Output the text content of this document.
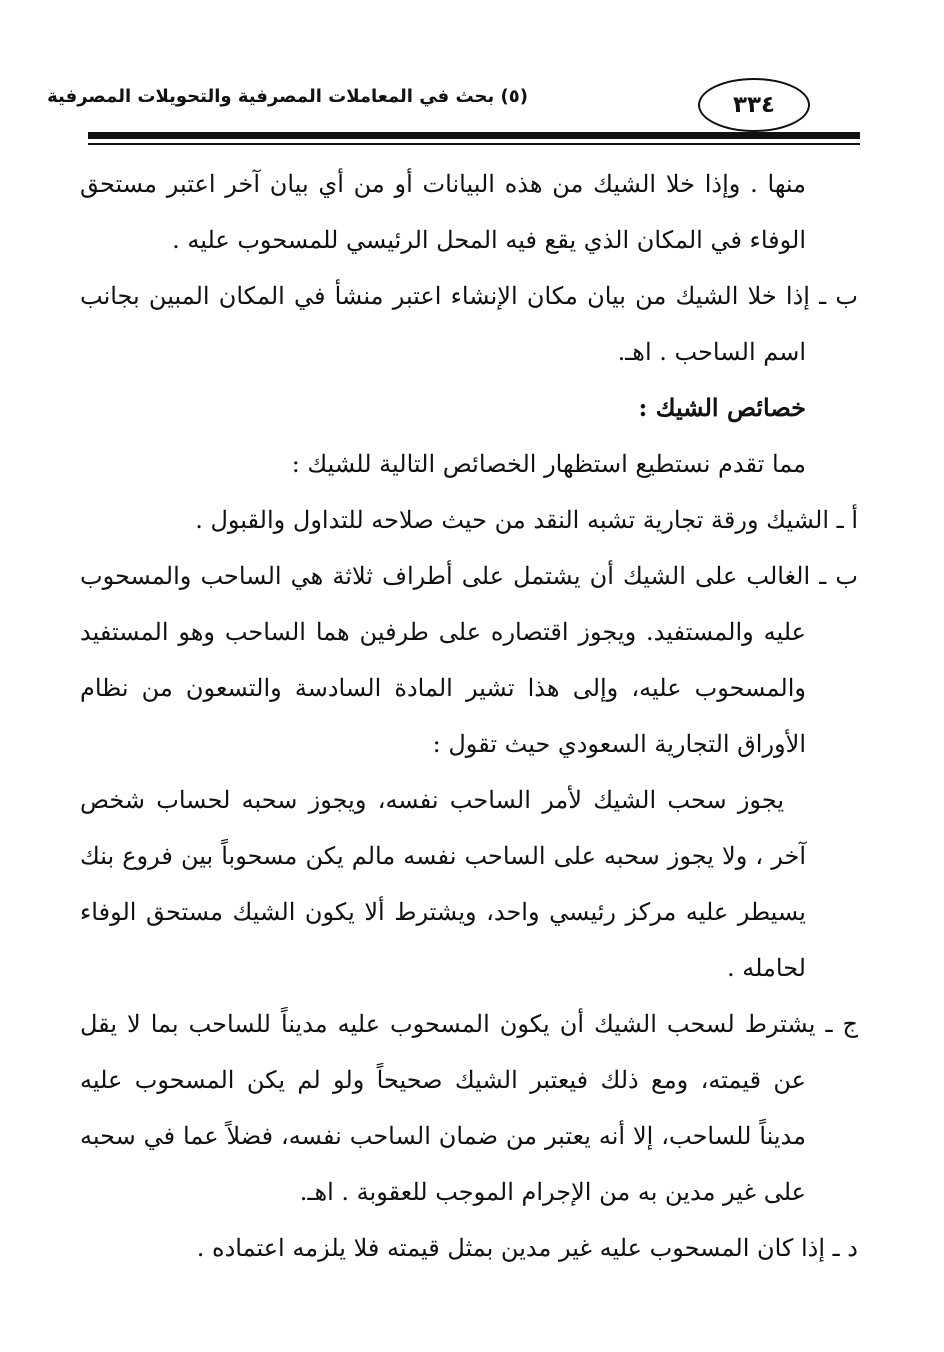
٣٣٤
(٥) بحث في المعاملات المصرفية والتحويلات المصرفية

منها . وإذا خلا الشيك من هذه البيانات أو من أي بيان آخر اعتبر مستحق الوفاء في المكان الذي يقع فيه المحل الرئيسي للمسحوب عليه .

ب ـ إذا خلا الشيك من بيان مكان الإنشاء اعتبر منشأ في المكان المبين بجانب اسم الساحب . اهـ.

خصائص الشيك :

مما تقدم نستطيع استظهار الخصائص التالية للشيك :

أ ـ الشيك ورقة تجارية تشبه النقد من حيث صلاحه للتداول والقبول .

ب ـ الغالب على الشيك أن يشتمل على أطراف ثلاثة هي الساحب والمسحوب عليه والمستفيد. ويجوز اقتصاره على طرفين هما الساحب وهو المستفيد والمسحوب عليه، وإلى هذا تشير المادة السادسة والتسعون من نظام الأوراق التجارية السعودي حيث تقول :

يجوز سحب الشيك لأمر الساحب نفسه، ويجوز سحبه لحساب شخص آخر ، ولا يجوز سحبه على الساحب نفسه مالم يكن مسحوباً بين فروع بنك يسيطر عليه مركز رئيسي واحد، ويشترط ألا يكون الشيك مستحق الوفاء لحامله .

ج ـ يشترط لسحب الشيك أن يكون المسحوب عليه مديناً للساحب بما لا يقل عن قيمته، ومع ذلك فيعتبر الشيك صحيحاً ولو لم يكن المسحوب عليه مديناً للساحب، إلا أنه يعتبر من ضمان الساحب نفسه، فضلاً عما في سحبه على غير مدين به من الإجرام الموجب للعقوبة . اهـ.

د ـ إذا كان المسحوب عليه غير مدين بمثل قيمته فلا يلزمه اعتماده .
